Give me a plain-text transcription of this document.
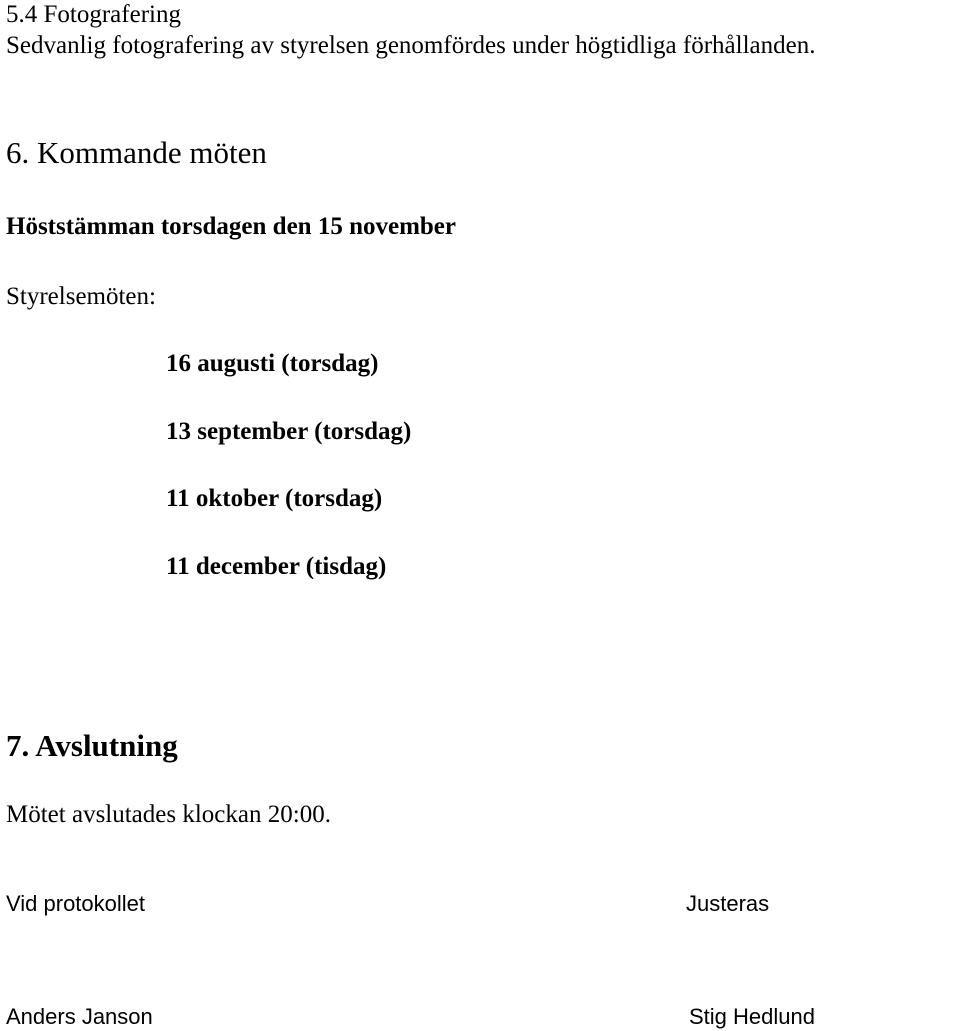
5.4 Fotografering
Sedvanlig fotografering av styrelsen genomfördes under högtidliga förhållanden.
6. Kommande möten
Höststämman torsdagen den 15 november
Styrelsemöten:
16 augusti (torsdag)
13 september (torsdag)
11 oktober (torsdag)
11 december (tisdag)
7. Avslutning
Mötet avslutades klockan 20:00.
Vid protokollet	Justeras
Anders Janson	Stig Hedlund
